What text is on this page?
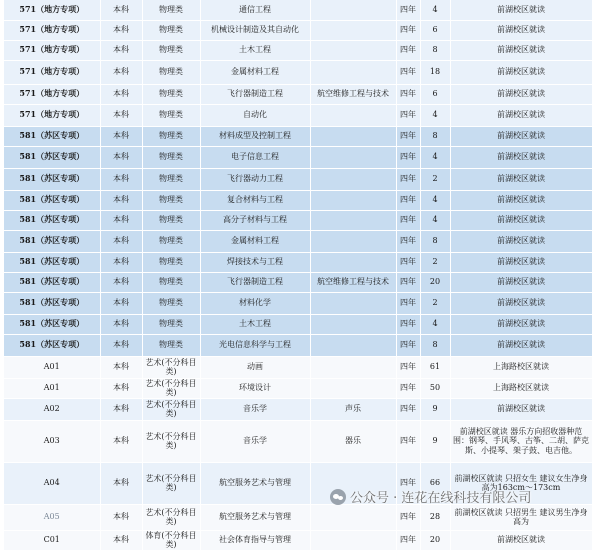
571（地方专项）	本科	物理类	通信工程		四年	4	前湖校区就读
571（地方专项）	本科	物理类	机械设计制造及其自动化		四年	6	前湖校区就读
571（地方专项）	本科	物理类	土木工程		四年	8	前湖校区就读
571（地方专项）	本科	物理类	金属材料工程		四年	18	前湖校区就读
571（地方专项）	本科	物理类	飞行器制造工程	航空维修工程与技术	四年	6	前湖校区就读
571（地方专项）	本科	物理类	自动化		四年	4	前湖校区就读
581（苏区专项）	本科	物理类	材料成型及控制工程		四年	8	前湖校区就读
581（苏区专项）	本科	物理类	电子信息工程		四年	4	前湖校区就读
581（苏区专项）	本科	物理类	飞行器动力工程		四年	2	前湖校区就读
581（苏区专项）	本科	物理类	复合材料与工程		四年	4	前湖校区就读
581（苏区专项）	本科	物理类	高分子材料与工程		四年	4	前湖校区就读
581（苏区专项）	本科	物理类	金属材料工程		四年	8	前湖校区就读
581（苏区专项）	本科	物理类	焊接技术与工程		四年	2	前湖校区就读
581（苏区专项）	本科	物理类	飞行器制造工程	航空维修工程与技术	四年	20	前湖校区就读
581（苏区专项）	本科	物理类	材料化学		四年	2	前湖校区就读
581（苏区专项）	本科	物理类	土木工程		四年	4	前湖校区就读
581（苏区专项）	本科	物理类	光电信息科学与工程		四年	8	前湖校区就读
A01	本科	艺术(不分科目类)	动画		四年	61	上海路校区就读
A01	本科	艺术(不分科目类)	环境设计		四年	50	上海路校区就读
A02	本科	艺术(不分科目类)	音乐学	声乐	四年	9	前湖校区就读
A03	本科	艺术(不分科目类)	音乐学	器乐	四年	9	前湖校区就读 器乐方向招收器种范围：钢琴、手风琴、古筝、二胡、萨克斯、小提琴、架子鼓、电吉他。
A04	本科	艺术(不分科目类)	航空服务艺术与管理		四年	66	前湖校区就读 只招女生 建议女生净身高为163cm～173cm
A05	本科	艺术(不分科目类)	航空服务艺术与管理		四年	28	前湖校区就读 只招男生 建议男生净身高为
C01	本科	体育(不分科目类)	社会体育指导与管理		四年	20	前湖校区就读
公众号 · 连花在线科技有限公司
